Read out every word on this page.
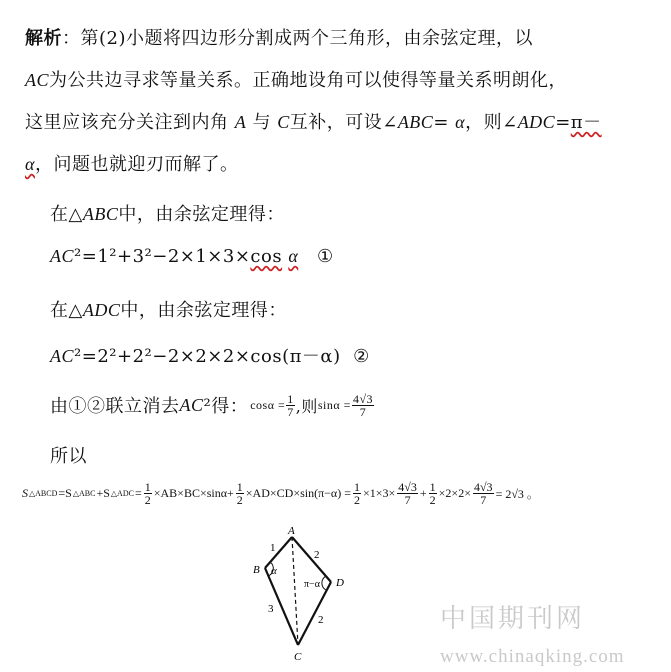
解析：第(2)小题将四边形分割成两个三角形，由余弦定理，以
AC为公共边寻求等量关系。正确地设角可以使得等量关系明朗化，
这里应该充分关注到内角 A 与 C互补，可设∠ABC= α，则∠ADC=π－
α，问题也就迎刃而解了。
在△ABC中，由余弦定理得：
AC²=1²+3²−2×1×3×cos α ①
在△ADC中，由余弦定理得：
AC²=2²+2²−2×2×2×cos(π－α) ②
由①②联立消去 AC ²得： $\cos\alpha = \frac{1}{7}$ ,则 $\sin\alpha = \frac{4√3}{7}$
所以
S △ABCD =S △ABC +S △ADC = $\frac{1}{2} \times AB\times BC\times\sin\alpha+ \frac{1}{2} \times AD\times CD\times\sin(\pi-\alpha) = \frac{1}{2} \times 1\times 3\times \frac{4√3}{7} + \frac{1}{2} \times 2\times 2\times \frac{4√3}{7} = 2√3$ 。
A
B
C
D
1
2
3
2
α
π−α
中国期刊网
www.chinaqking.com
